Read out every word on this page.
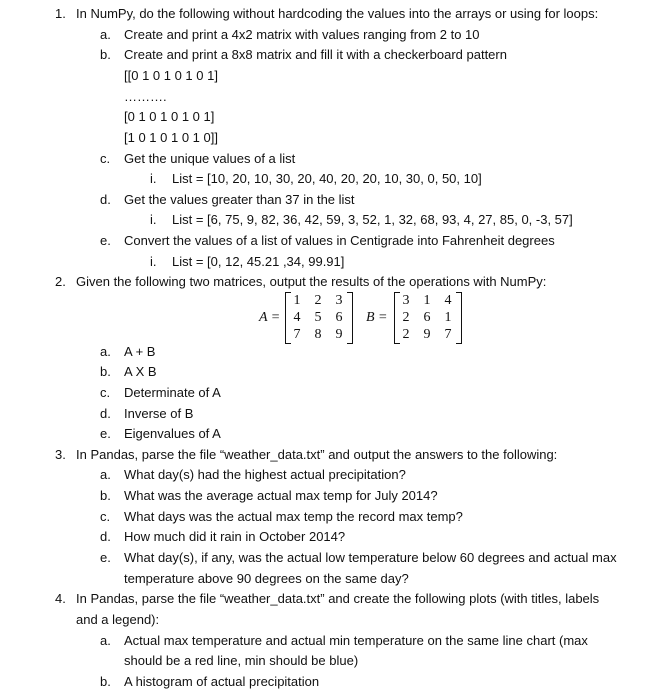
1. In NumPy, do the following without hardcoding the values into the arrays or using for loops:
a. Create and print a 4x2 matrix with values ranging from 2 to 10
b. Create and print a 8x8 matrix and fill it with a checkerboard pattern
[[0 1 0 1 0 1 0 1]
……….
[0 1 0 1 0 1 0 1]
[1 0 1 0 1 0 1 0]]
c. Get the unique values of a list
i. List = [10, 20, 10, 30, 20, 40, 20, 20, 10, 30, 0, 50, 10]
d. Get the values greater than 37 in the list
i. List = [6, 75, 9, 82, 36, 42, 59, 3, 52, 1, 32, 68, 93, 4, 27, 85, 0, -3, 57]
e. Convert the values of a list of values in Centigrade into Fahrenheit degrees
i. List = [0, 12, 45.21 ,34, 99.91]
2. Given the following two matrices, output the results of the operations with NumPy:
A =
1 2 3
4 5 6
7 8 9
B =
3 1 4
2 6 1
2 9 7
a. A + B
b. A X B
c. Determinate of A
d. Inverse of B
e. Eigenvalues of A
3. In Pandas, parse the file “weather_data.txt” and output the answers to the following:
a. What day(s) had the highest actual precipitation?
b. What was the average actual max temp for July 2014?
c. What days was the actual max temp the record max temp?
d. How much did it rain in October 2014?
e. What day(s), if any, was the actual low temperature below 60 degrees and actual max
temperature above 90 degrees on the same day?
4. In Pandas, parse the file “weather_data.txt” and create the following plots (with titles, labels
and a legend):
a. Actual max temperature and actual min temperature on the same line chart (max
should be a red line, min should be blue)
b. A histogram of actual precipitation
